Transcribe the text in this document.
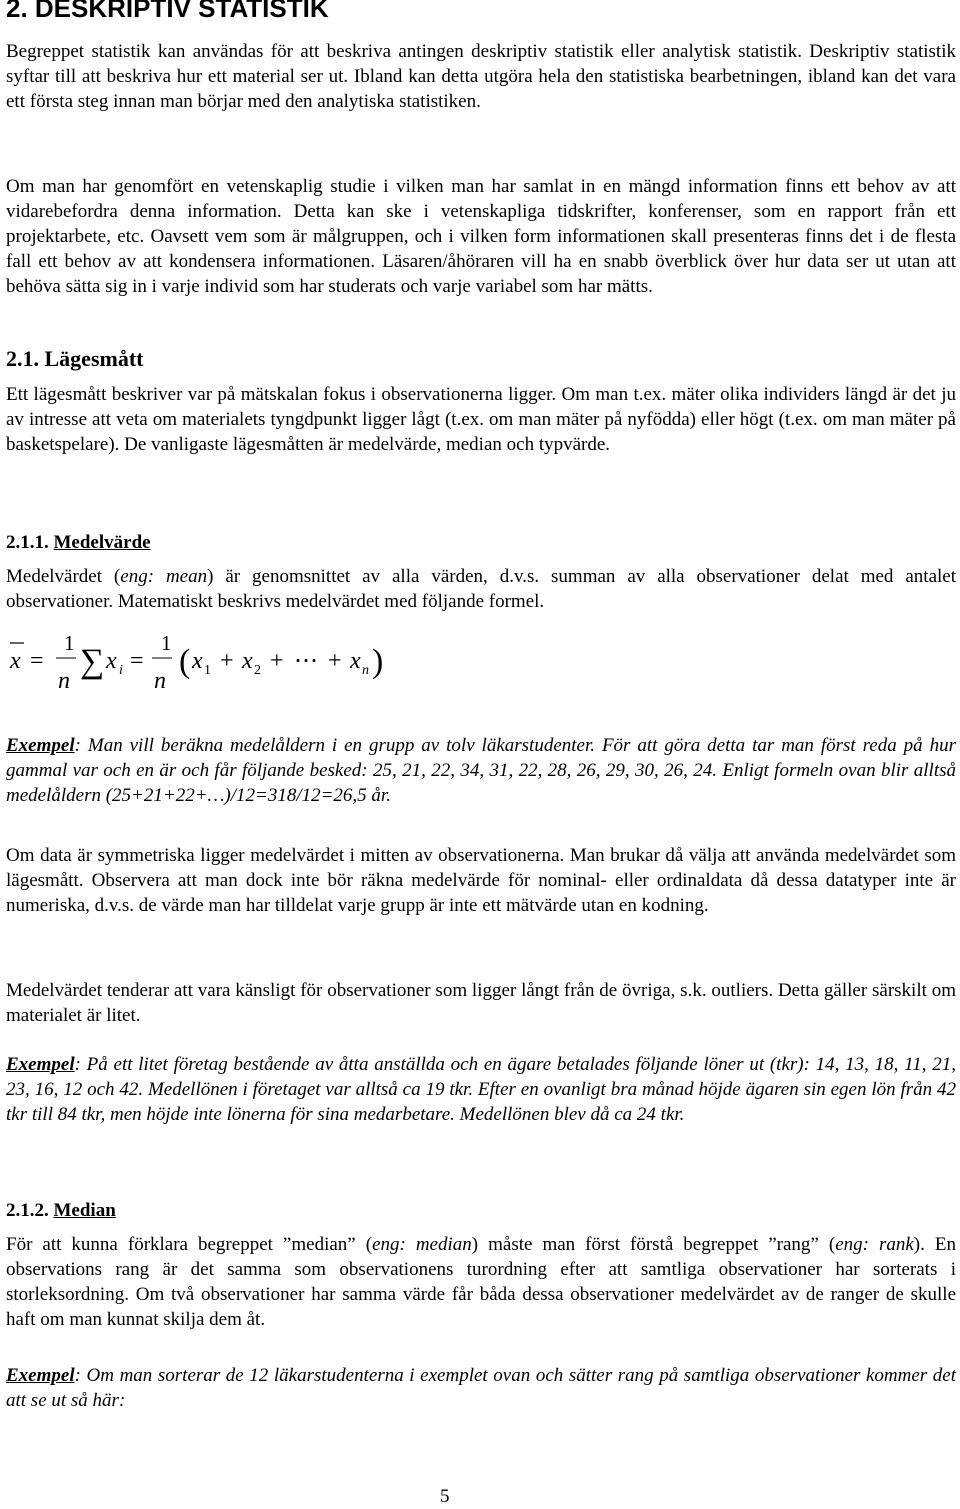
2. DESKRIPTIV STATISTIK

Begreppet statistik kan användas för att beskriva antingen deskriptiv statistik eller analytisk statistik. Deskriptiv statistik syftar till att beskriva hur ett material ser ut. Ibland kan detta utgöra hela den statistiska bearbetningen, ibland kan det vara ett första steg innan man börjar med den analytiska statistiken.

Om man har genomfört en vetenskaplig studie i vilken man har samlat in en mängd information finns ett behov av att vidarebefordra denna information. Detta kan ske i vetenskapliga tidskrifter, konferenser, som en rapport från ett projektarbete, etc. Oavsett vem som är målgruppen, och i vilken form informationen skall presenteras finns det i de flesta fall ett behov av att kondensera informationen. Läsaren/åhöraren vill ha en snabb överblick över hur data ser ut utan att behöva sätta sig in i varje individ som har studerats och varje variabel som har mätts.

2.1. Lägesmått

Ett lägesmått beskriver var på mätskalan fokus i observationerna ligger. Om man t.ex. mäter olika individers längd är det ju av intresse att veta om materialets tyngdpunkt ligger lågt (t.ex. om man mäter på nyfödda) eller högt (t.ex. om man mäter på basketspelare). De vanligaste lägesmåtten är medelvärde, median och typvärde.

2.1.1. Medelvärde

Medelvärdet (eng: mean) är genomsnittet av alla värden, d.v.s. summan av alla observationer delat med antalet observationer. Matematiskt beskrivs medelvärdet med följande formel.

x =
1
n
∑ x i =
1
n
( x 1 + x 2 + ⋯ + x n )

Exempel: Man vill beräkna medelåldern i en grupp av tolv läkarstudenter. För att göra detta tar man först reda på hur gammal var och en är och får följande besked: 25, 21, 22, 34, 31, 22, 28, 26, 29, 30, 26, 24. Enligt formeln ovan blir alltså medelåldern (25+21+22+…)/12=318/12=26,5 år.

Om data är symmetriska ligger medelvärdet i mitten av observationerna. Man brukar då välja att använda medelvärdet som lägesmått. Observera att man dock inte bör räkna medelvärde för nominal- eller ordinaldata då dessa datatyper inte är numeriska, d.v.s. de värde man har tilldelat varje grupp är inte ett mätvärde utan en kodning.

Medelvärdet tenderar att vara känsligt för observationer som ligger långt från de övriga, s.k. outliers. Detta gäller särskilt om materialet är litet.

Exempel: På ett litet företag bestående av åtta anställda och en ägare betalades följande löner ut (tkr): 14, 13, 18, 11, 21, 23, 16, 12 och 42. Medellönen i företaget var alltså ca 19 tkr. Efter en ovanligt bra månad höjde ägaren sin egen lön från 42 tkr till 84 tkr, men höjde inte lönerna för sina medarbetare. Medellönen blev då ca 24 tkr.

2.1.2. Median

För att kunna förklara begreppet ”median” (eng: median) måste man först förstå begreppet ”rang” (eng: rank). En observations rang är det samma som observationens turordning efter att samtliga observationer har sorterats i storleksordning. Om två observationer har samma värde får båda dessa observationer medelvärdet av de ranger de skulle haft om man kunnat skilja dem åt.

Exempel: Om man sorterar de 12 läkarstudenterna i exemplet ovan och sätter rang på samtliga observationer kommer det att se ut så här:

5
